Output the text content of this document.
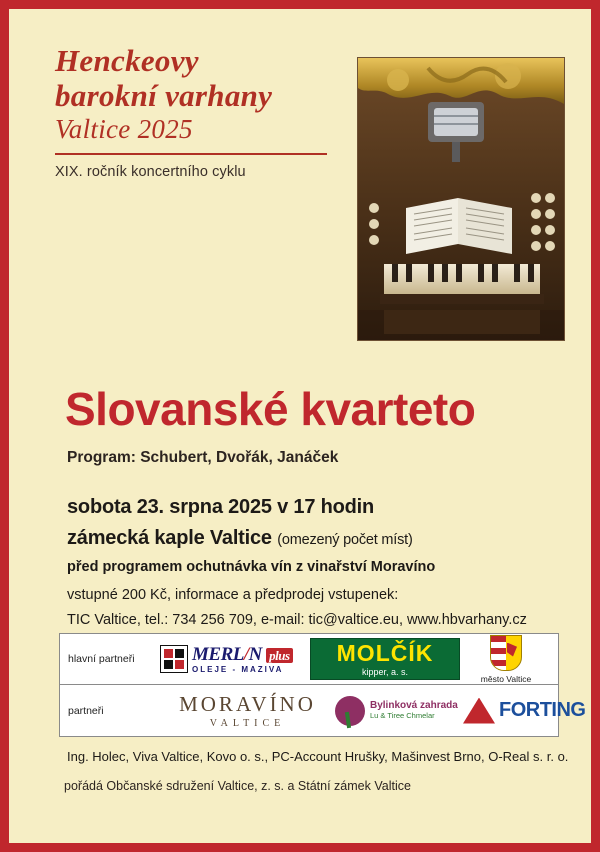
Henckeovy
barokní varhany
Valtice 2025
XIX. ročník koncertního cyklu
Slovanské kvarteto
Program: Schubert, Dvořák, Janáček
sobota 23. srpna 2025 v 17 hodin
zámecká kaple Valtice (omezený počet míst)
před programem ochutnávka vín z vinařství Moravíno
vstupné 200 Kč, informace a předprodej vstupenek:
TIC Valtice, tel.: 734 256 709, e-mail: tic@valtice.eu, www.hbvarhany.cz
hlavní partneři	MERL/N plus
OLEJE - MAZIVA
MOLČÍK
kipper, a. s.
město Valtice
partneři	MORAVÍNO
VALTICE
Bylinková zahrada
Lu & Tiree Chmelar	FORTING
Ing. Holec, Viva Valtice, Kovo o. s., PC-Account Hrušky, Mašinvest Brno, O-Real s. r. o.
pořádá Občanské sdružení Valtice, z. s. a Státní zámek Valtice
